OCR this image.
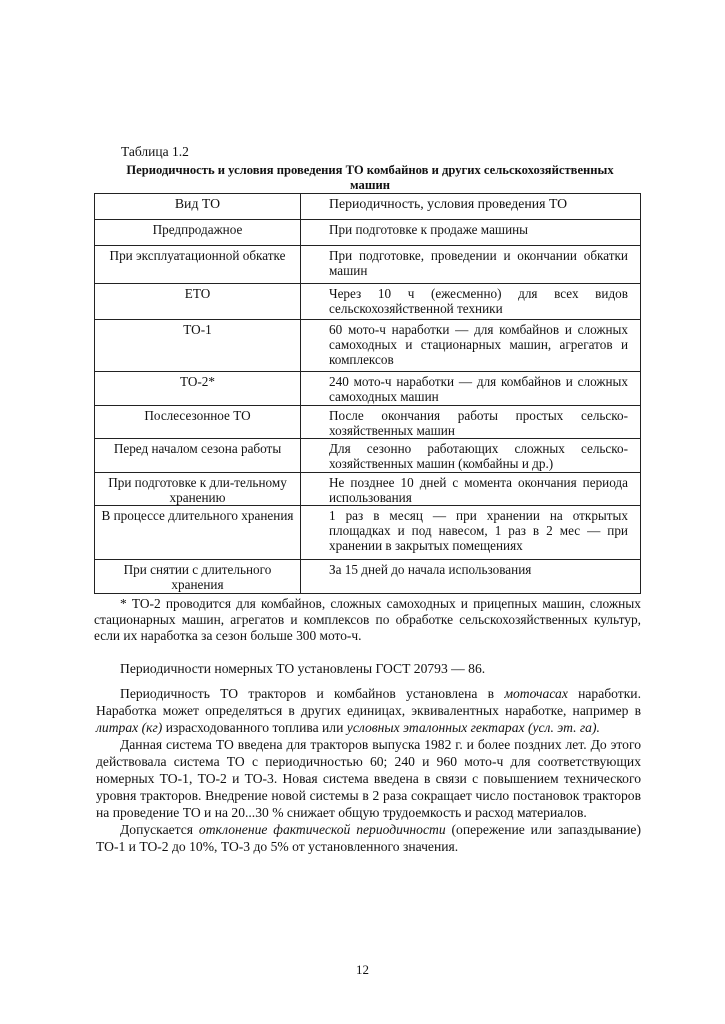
Таблица 1.2
Периодичность и условия проведения ТО комбайнов и других сельскохозяйственных
машин
Вид ТО	Периодичность, условия проведения ТО
Предпродажное	При подготовке к продаже машины
При эксплуатационной обкатке	При подготовке, проведении и окончании обкатки машин
ЕТО	Через 10 ч (ежесменно) для всех видов сельскохозяйственной техники
ТО-1	60 мото-ч наработки — для комбайнов и сложных самоходных и стационарных машин, агрегатов и комплексов
ТО-2*	240 мото-ч наработки — для комбайнов и сложных самоходных машин
Послесезонное ТО	После окончания работы простых сельско-хозяйственных машин
Перед началом сезона работы	Для сезонно работающих сложных сельско-хозяйственных машин (комбайны и др.)
При подготовке к дли-тельному хранению	Не позднее 10 дней с момента окончания периода использования
В процессе длительного хранения	1 раз в месяц — при хранении на открытых площадках и под навесом, 1 раз в 2 мес — при хранении в закрытых помещениях
При снятии с длительного хранения	За 15 дней до начала использования
* ТО-2 проводится для комбайнов, сложных самоходных и прицепных машин, сложных стационарных машин, агрегатов и комплексов по обработке сельскохозяйственных культур, если их наработка за сезон больше 300 мото-ч.

Периодичности номерных ТО установлены ГОСТ 20793 — 86.

Периодичность ТО тракторов и комбайнов установлена в моточасах наработки. Наработка может определяться в других единицах, эквивалентных наработке, например в литрах (кг) израсходованного топлива или условных эталонных гектарах (усл. эт. га).

Данная система ТО введена для тракторов выпуска 1982 г. и более поздних лет. До этого действовала система ТО с периодичностью 60; 240 и 960 мото-ч для соответствующих номерных ТО-1, ТО-2 и ТО-3. Новая система введена в связи с повышением технического уровня тракторов. Внедрение новой системы в 2 раза сокращает число постановок тракторов на проведение ТО и на 20...30 % снижает общую трудоемкость и расход материалов.

Допускается отклонение фактической периодичности (опережение или запаздывание) ТО-1 и ТО-2 до 10%, ТО-3 до 5% от установленного значения.

12
